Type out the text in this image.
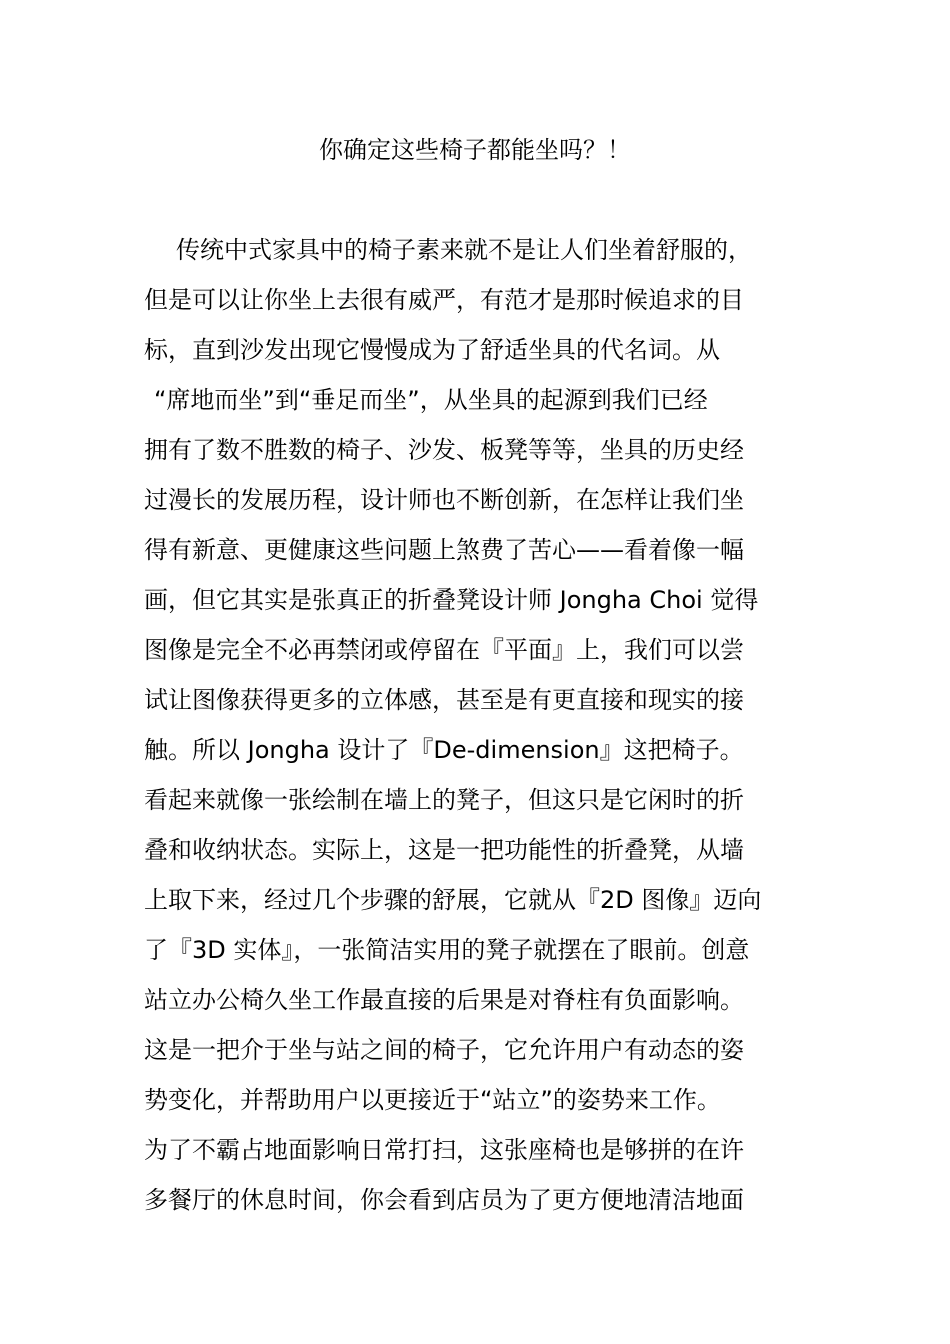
你确定这些椅子都能坐吗？！
传统中式家具中的椅子素来就不是让人们坐着舒服的，
但是可以让你坐上去很有威严，有范才是那时候追求的目
标，直到沙发出现它慢慢成为了舒适坐具的代名词。从
“席地而坐”到“垂足而坐”，从坐具的起源到我们已经
拥有了数不胜数的椅子、沙发、板凳等等，坐具的历史经
过漫长的发展历程，设计师也不断创新，在怎样让我们坐
得有新意、更健康这些问题上煞费了苦心——看着像一幅
画，但它其实是张真正的折叠凳设计师 Jongha Choi 觉得
图像是完全不必再禁闭或停留在『平面』上，我们可以尝
试让图像获得更多的立体感，甚至是有更直接和现实的接
触。所以 Jongha 设计了『De-dimension』这把椅子。
看起来就像一张绘制在墙上的凳子，但这只是它闲时的折
叠和收纳状态。实际上，这是一把功能性的折叠凳，从墙
上取下来，经过几个步骤的舒展，它就从『2D 图像』迈向
了『3D 实体』，一张简洁实用的凳子就摆在了眼前。创意
站立办公椅久坐工作最直接的后果是对脊柱有负面影响。
这是一把介于坐与站之间的椅子，它允许用户有动态的姿
势变化，并帮助用户以更接近于“站立”的姿势来工作。
为了不霸占地面影响日常打扫，这张座椅也是够拼的在许
多餐厅的休息时间，你会看到店员为了更方便地清洁地面
